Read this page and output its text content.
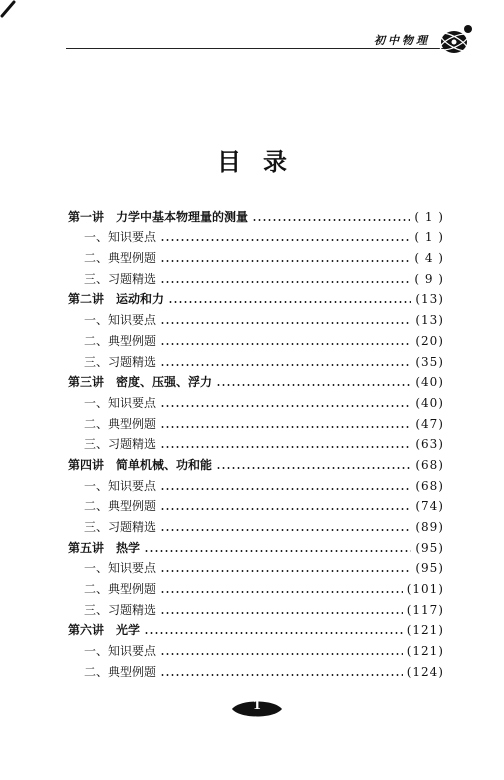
初中物理
目录
第一讲　力学中基本物理量的测量	( 1 )
一、知识要点	( 1 )
二、典型例题	( 4 )
三、习题精选	( 9 )
第二讲　运动和力	(13)
一、知识要点	(13)
二、典型例题	(20)
三、习题精选	(35)
第三讲　密度、压强、浮力	(40)
一、知识要点	(40)
二、典型例题	(47)
三、习题精选	(63)
第四讲　简单机械、功和能	(68)
一、知识要点	(68)
二、典型例题	(74)
三、习题精选	(89)
第五讲　热学	(95)
一、知识要点	(95)
二、典型例题	(101)
三、习题精选	(117)
第六讲　光学	(121)
一、知识要点	(121)
二、典型例题	(124)
1
